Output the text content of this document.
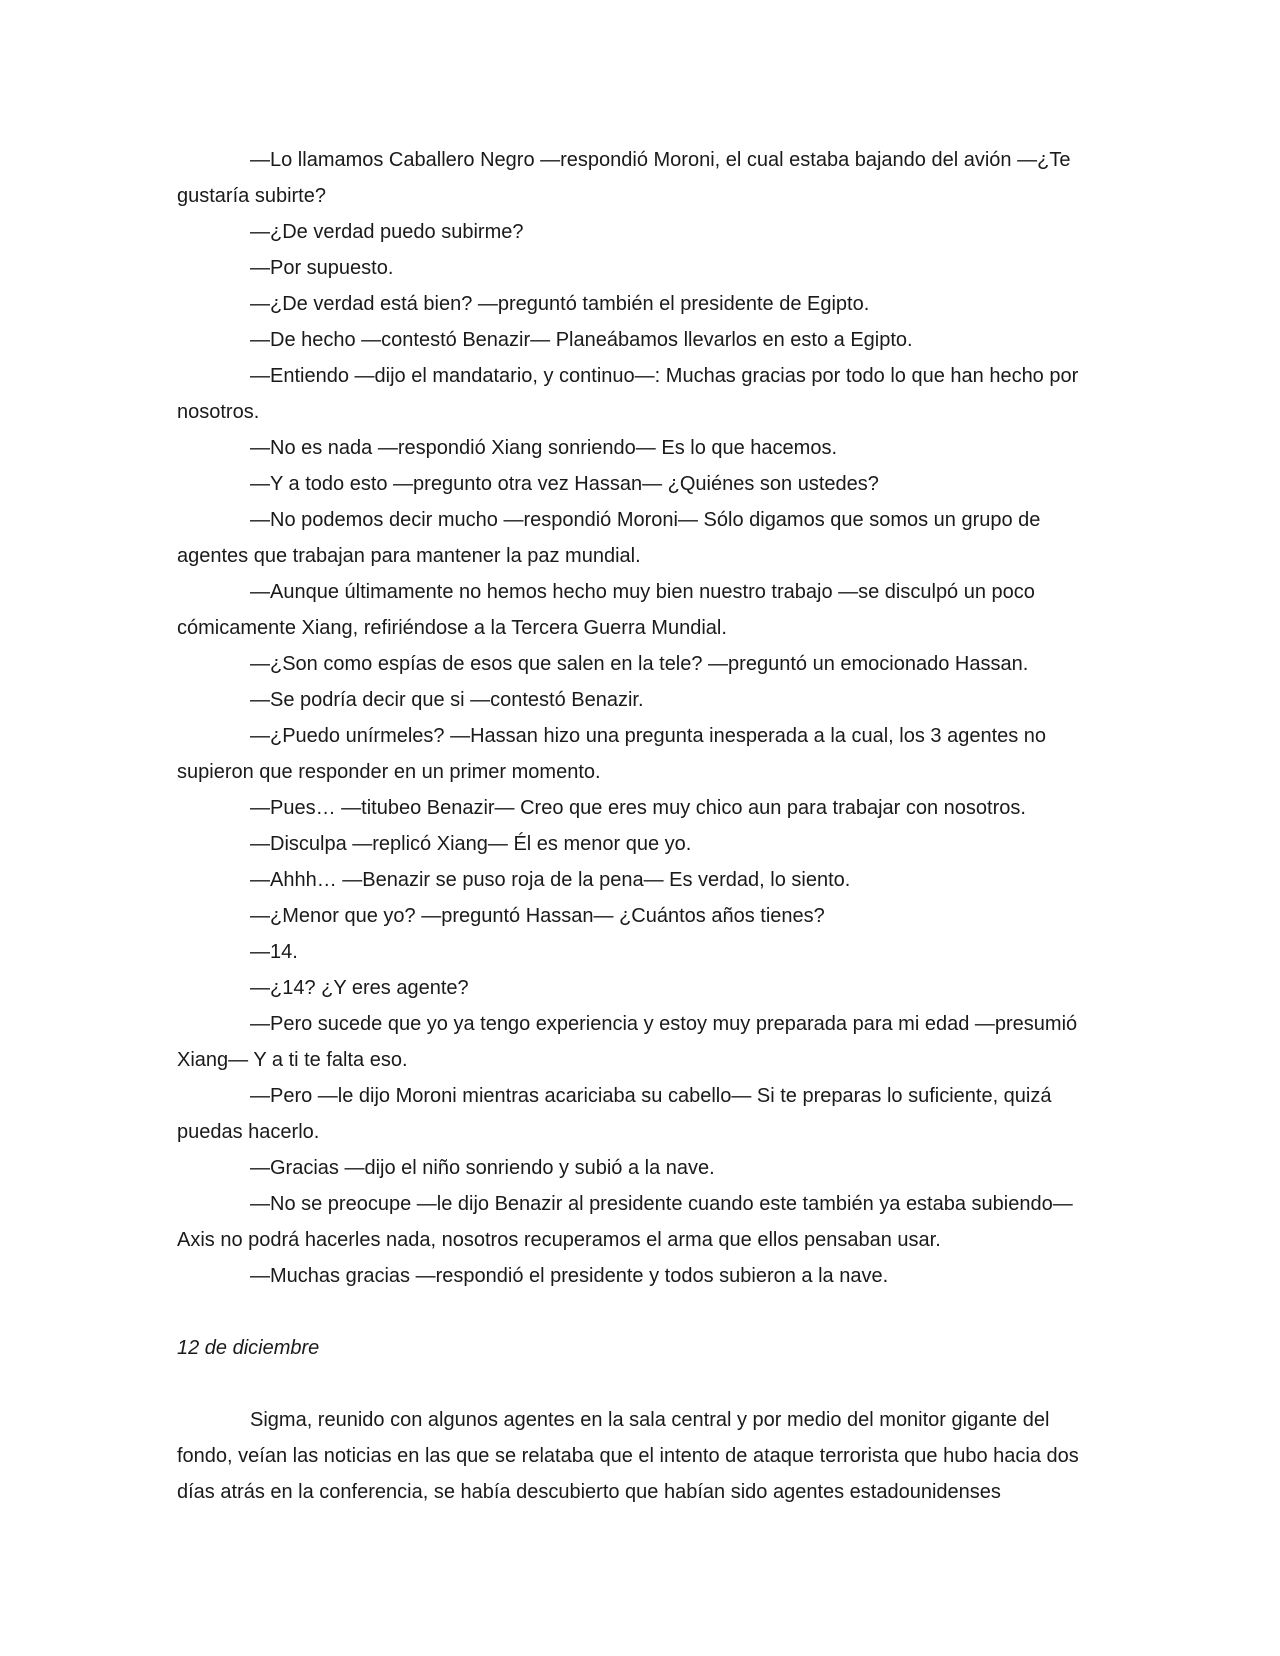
—Lo llamamos Caballero Negro —respondió Moroni, el cual estaba bajando del avión —¿Te gustaría subirte?

—¿De verdad puedo subirme?

—Por supuesto.

—¿De verdad está bien? —preguntó también el presidente de Egipto.

—De hecho —contestó Benazir— Planeábamos llevarlos en esto a Egipto.

—Entiendo —dijo el mandatario, y continuo—: Muchas gracias por todo lo que han hecho por nosotros.

—No es nada —respondió Xiang sonriendo— Es lo que hacemos.

—Y a todo esto —pregunto otra vez Hassan— ¿Quiénes son ustedes?

—No podemos decir mucho —respondió Moroni— Sólo digamos que somos un grupo de agentes que trabajan para mantener la paz mundial.

—Aunque últimamente no hemos hecho muy bien nuestro trabajo —se disculpó un poco cómicamente Xiang, refiriéndose a la Tercera Guerra Mundial.

—¿Son como espías de esos que salen en la tele? —preguntó un emocionado Hassan.

—Se podría decir que si —contestó Benazir.

—¿Puedo unírmeles? —Hassan hizo una pregunta inesperada a la cual, los 3 agentes no supieron que responder en un primer momento.

—Pues… —titubeo Benazir— Creo que eres muy chico aun para trabajar con nosotros.

—Disculpa —replicó Xiang— Él es menor que yo.

—Ahhh… —Benazir se puso roja de la pena— Es verdad, lo siento.

—¿Menor que yo? —preguntó Hassan— ¿Cuántos años tienes?

—14.

—¿14? ¿Y eres agente?

—Pero sucede que yo ya tengo experiencia y estoy muy preparada para mi edad —presumió Xiang— Y a ti te falta eso.

—Pero —le dijo Moroni mientras acariciaba su cabello— Si te preparas lo suficiente, quizá puedas hacerlo.

—Gracias —dijo el niño sonriendo y subió a la nave.

—No se preocupe —le dijo Benazir al presidente cuando este también ya estaba subiendo— Axis no podrá hacerles nada, nosotros recuperamos el arma que ellos pensaban usar.

—Muchas gracias —respondió el presidente y todos subieron a la nave.

12 de diciembre

Sigma, reunido con algunos agentes en la sala central y por medio del monitor gigante del fondo, veían las noticias en las que se relataba que el intento de ataque terrorista que hubo hacia dos días atrás en la conferencia, se había descubierto que habían sido agentes estadounidenses
